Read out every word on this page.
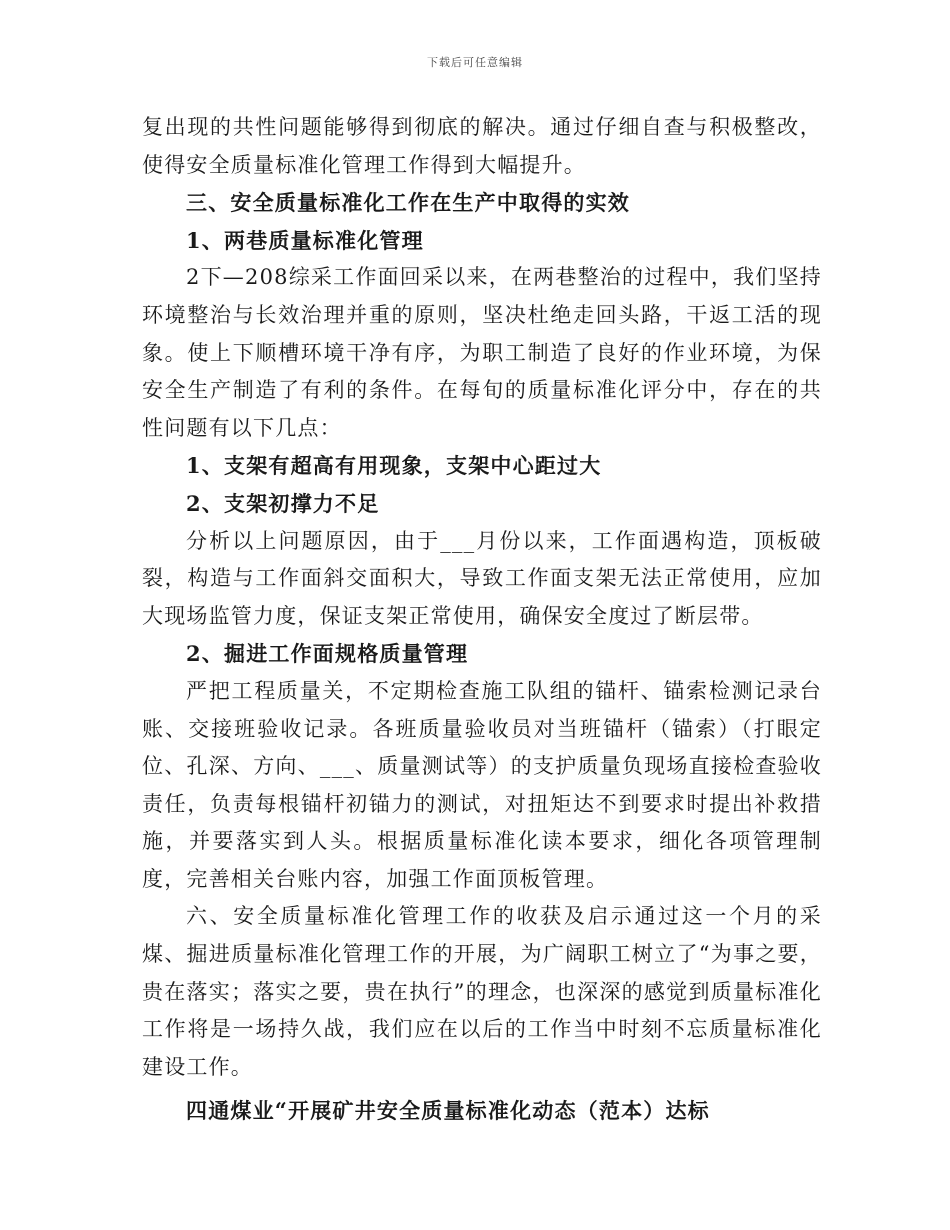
下载后可任意编辑

复出现的共性问题能够得到彻底的解决。通过仔细自查与积极整改，使得安全质量标准化管理工作得到大幅提升。

三、安全质量标准化工作在生产中取得的实效

1、两巷质量标准化管理

2下—208综采工作面回采以来，在两巷整治的过程中，我们坚持环境整治与长效治理并重的原则，坚决杜绝走回头路，干返工活的现象。使上下顺槽环境干净有序，为职工制造了良好的作业环境，为保安全生产制造了有利的条件。在每旬的质量标准化评分中，存在的共性问题有以下几点：

1、支架有超高有用现象，支架中心距过大

2、支架初撑力不足

分析以上问题原因，由于___月份以来，工作面遇构造，顶板破裂，构造与工作面斜交面积大，导致工作面支架无法正常使用，应加大现场监管力度，保证支架正常使用，确保安全度过了断层带。

2、掘进工作面规格质量管理

严把工程质量关，不定期检查施工队组的锚杆、锚索检测记录台账、交接班验收记录。各班质量验收员对当班锚杆（锚索）（打眼定位、孔深、方向、___、质量测试等）的支护质量负现场直接检查验收责任，负责每根锚杆初锚力的测试，对扭矩达不到要求时提出补救措施，并要落实到人头。根据质量标准化读本要求，细化各项管理制度，完善相关台账内容，加强工作面顶板管理。

六、安全质量标准化管理工作的收获及启示通过这一个月的采煤、掘进质量标准化管理工作的开展，为广阔职工树立了“为事之要，贵在落实；落实之要，贵在执行”的理念，也深深的感觉到质量标准化工作将是一场持久战，我们应在以后的工作当中时刻不忘质量标准化建设工作。

四通煤业“开展矿井安全质量标准化动态（范本）达标
